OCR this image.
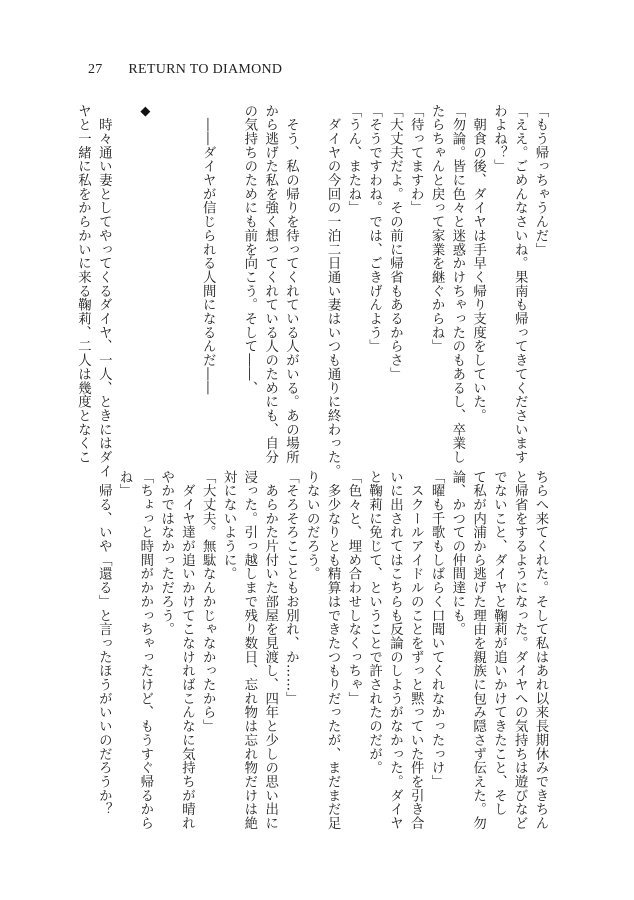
27 RETURN TO DIAMOND
「もう帰っちゃうんだ」
「ええ。ごめんなさいね。果南も帰ってきてくださいます
わよね？」
　朝食の後、ダイヤは手早く帰り支度をしていた。
「勿論。皆に色々と迷惑かけちゃったのもあるし、卒業し
たらちゃんと戻って家業を継ぐからね」
「待ってますわ」
「大丈夫だよ。その前に帰省もあるからさ」
「そうですわね。では、ごきげんよう」
「うん、またね」
　ダイヤの今回の一泊二日通い妻はいつも通りに終わった。

　そう、私の帰りを待ってくれている人がいる。あの場所
から逃げた私を強く想ってくれている人のためにも、自分
の気持ちのためにも前を向こう。そして――、

　――ダイヤが信じられる人間になるんだ――

◆

　時々通い妻としてやってくるダイヤ、一人、ときにはダイ
ヤと一緒に私をからかいに来る鞠莉、二人は幾度となくこ
ちらへ来てくれた。そして私はあれ以来長期休みできちん
と帰省をするようになった。ダイヤへの気持ちは遊びなど
でないこと、ダイヤと鞠莉が追いかけてきたこと、そし
て私が内浦から逃げた理由を親族に包み隠さず伝えた。勿
論、かつての仲間達にも。
「曜も千歌もしばらく口聞いてくれなかったっけ」
　スクールアイドルのことをずっと黙っていた件を引き合
いに出されてはこちらも反論のしようがなかった。ダイヤ
と鞠莉に免じて、ということで許されたのだが。
「色々と、埋め合わせしなくっちゃ」
　多少なりとも精算はできたつもりだったが、まだまだ足
りないのだろう。
「そろそろここともお別れ、か……」
　あらかた片付いた部屋を見渡し、四年と少しの思い出に
浸った。引っ越しまで残り数日、忘れ物は忘れ物だけは絶
対にないように。
「大丈夫。無駄なんかじゃなかったから」
　ダイヤ達が追いかけてこなければこんなに気持ちが晴れ
やかではなかっただろう。
「ちょっと時間がかかっちゃったけど、もうすぐ帰るから
ね」
　帰る、いや「還る」と言ったほうがいいのだろうか？
